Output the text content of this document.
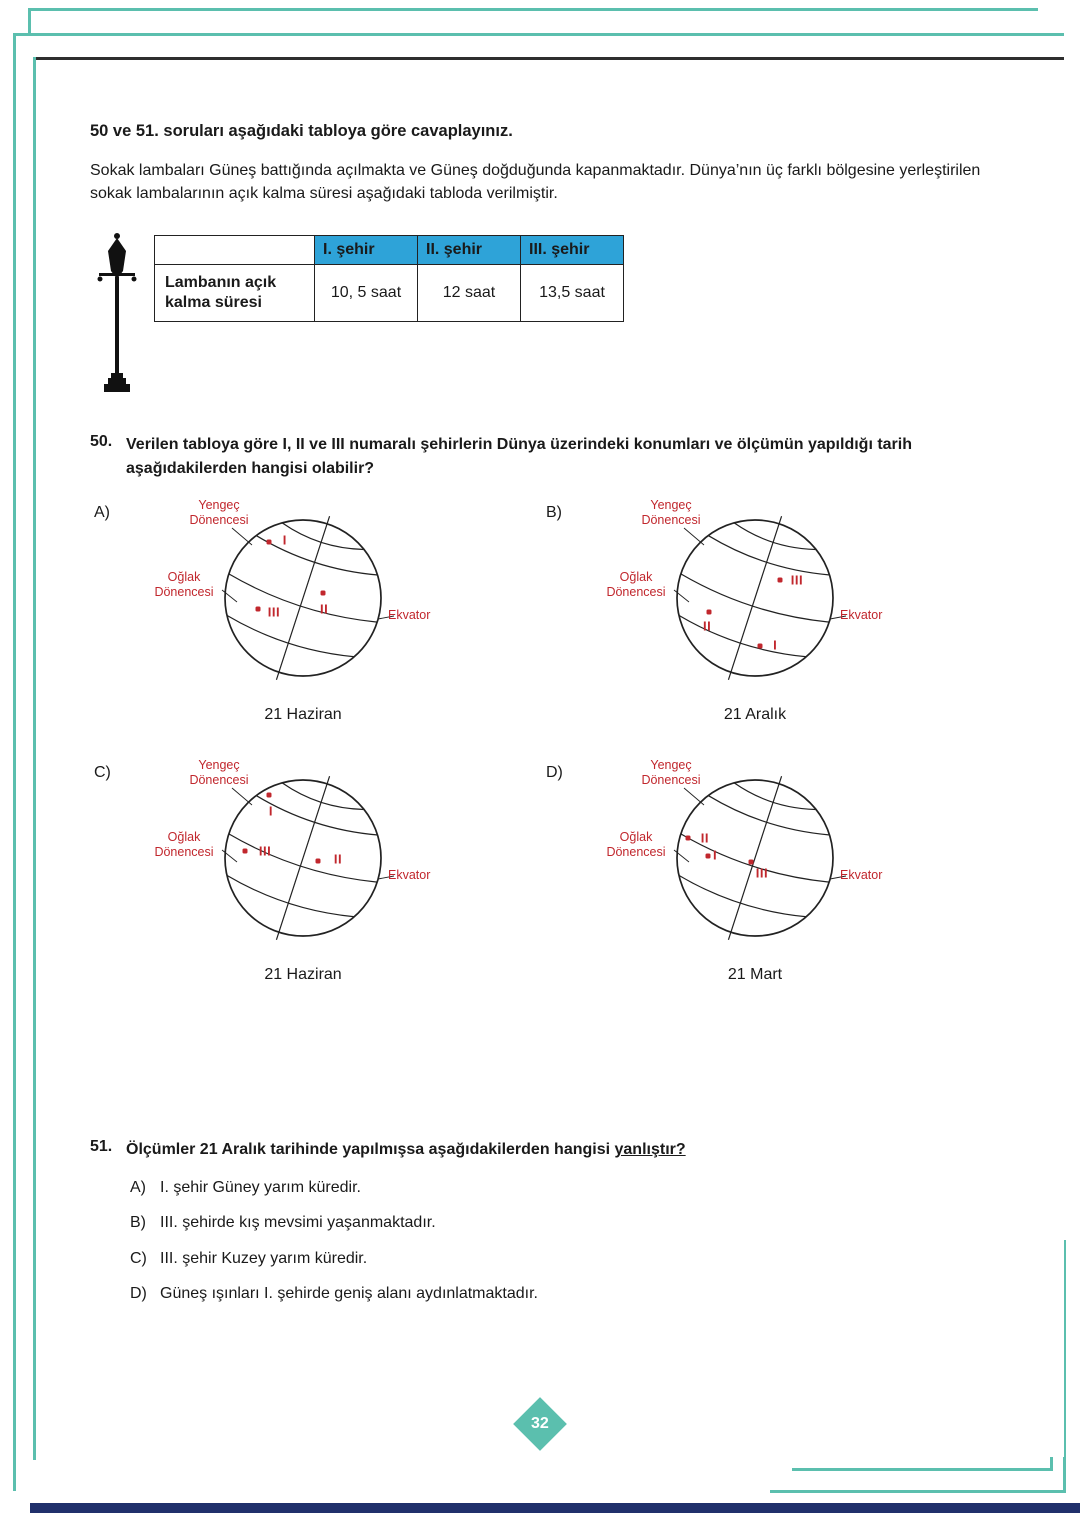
50 ve 51. soruları aşağıdaki tabloya göre cavaplayınız.

Sokak lambaları Güneş battığında açılmakta ve Güneş doğduğunda kapanmaktadır. Dünya’nın üç farklı bölgesine yerleştirilen sokak lambalarının açık kalma süresi aşağıdaki tabloda verilmiştir.

	I. şehir	II. şehir	III. şehir
Lambanın açık kalma süresi	10, 5 saat	12 saat	13,5 saat
50. Verilen tabloya göre I, II ve III numaralı şehirlerin Dünya üzerindeki konumları ve ölçümün yapıldığı tarih aşağıdakilerden hangisi olabilir?

A)	Yengeç Dönencesi
Oğlak Dönencesi
Ekvator
I
III	II
21 Haziran
B)	Yengeç Dönencesi
Oğlak Dönencesi
Ekvator
III
II
I
21 Aralık
C)	Yengeç Dönencesi
Oğlak Dönencesi
Ekvator
I
III
II
21 Haziran
D)	Yengeç Dönencesi
Oğlak Dönencesi
Ekvator
II
I
III
21 Mart
51. Ölçümler 21 Aralık tarihinde yapılmışsa aşağıdakilerden hangisi yanlıştır?

A) I. şehir Güney yarım küredir.
B) III. şehirde kış mevsimi yaşanmaktadır.
C) III. şehir Kuzey yarım küredir.
D) Güneş ışınları I. şehirde geniş alanı aydınlatmaktadır.
32
